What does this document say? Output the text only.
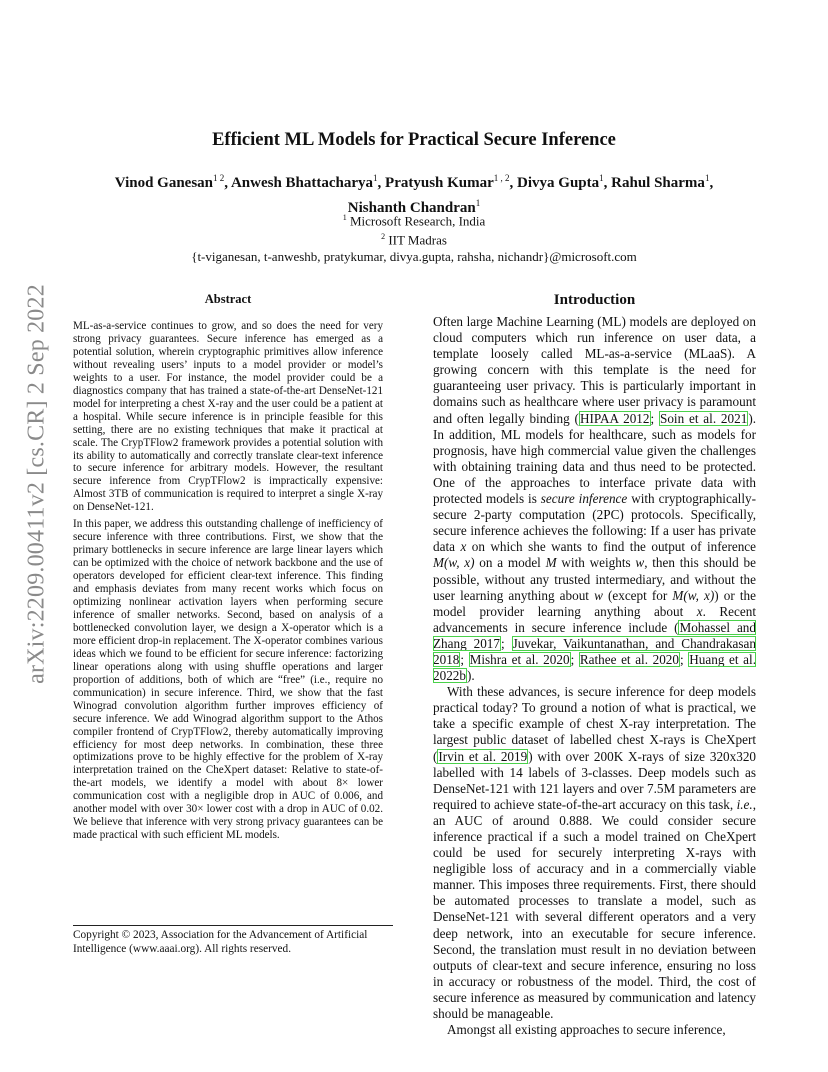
arXiv:2209.00411v2 [cs.CR] 2 Sep 2022
Efficient ML Models for Practical Secure Inference
Vinod Ganesan$^{1 2}$, Anwesh Bhattacharya$^1$, Pratyush Kumar$^{1 , 2}$, Divya Gupta$^1$, Rahul Sharma$^1$,
Nishanth Chandran$^1$
$^1$ Microsoft Research, India
$^2$ IIT Madras
{t-viganesan, t-anweshb, pratykumar, divya.gupta, rahsha, nichandr}@microsoft.com
Abstract

ML-as-a-service continues to grow, and so does the need for very strong privacy guarantees. Secure inference has emerged as a potential solution, wherein cryptographic primitives allow inference without revealing users’ inputs to a model provider or model’s weights to a user. For instance, the model provider could be a diagnostics company that has trained a state-of-the-art DenseNet-121 model for interpreting a chest X-ray and the user could be a patient at a hospital. While secure inference is in principle feasible for this setting, there are no existing techniques that make it practical at scale. The CrypTFlow2 framework provides a potential solution with its ability to automatically and correctly translate clear-text inference to secure inference for arbitrary models. However, the resultant secure inference from CrypTFlow2 is impractically expensive: Almost 3TB of communication is required to interpret a single X-ray on DenseNet-121.

In this paper, we address this outstanding challenge of inefficiency of secure inference with three contributions. First, we show that the primary bottlenecks in secure inference are large linear layers which can be optimized with the choice of network backbone and the use of operators developed for efficient clear-text inference. This finding and emphasis deviates from many recent works which focus on optimizing nonlinear activation layers when performing secure inference of smaller networks. Second, based on analysis of a bottlenecked convolution layer, we design a X-operator which is a more efficient drop-in replacement. The X-operator combines various ideas which we found to be efficient for secure inference: factorizing linear operations along with using shuffle operations and larger proportion of additions, both of which are “free” (i.e., require no communication) in secure inference. Third, we show that the fast Winograd convolution algorithm further improves efficiency of secure inference. We add Winograd algorithm support to the Athos compiler frontend of CrypTFlow2, thereby automatically improving efficiency for most deep networks. In combination, these three optimizations prove to be highly effective for the problem of X-ray interpretation trained on the CheXpert dataset: Relative to state-of-the-art models, we identify a model with about 8× lower communication cost with a negligible drop in AUC of 0.006, and another model with over 30× lower cost with a drop in AUC of 0.02. We believe that inference with very strong privacy guarantees can be made practical with such efficient ML models.

Copyright © 2023, Association for the Advancement of Artificial Intelligence (www.aaai.org). All rights reserved.
Introduction

Often large Machine Learning (ML) models are deployed on cloud computers which run inference on user data, a template loosely called ML-as-a-service (MLaaS). A growing concern with this template is the need for guaranteeing user privacy. This is particularly important in domains such as healthcare where user privacy is paramount and often legally binding (HIPAA 2012; Soin et al. 2021). In addition, ML models for healthcare, such as models for prognosis, have high commercial value given the challenges with obtaining training data and thus need to be protected. One of the approaches to interface private data with protected models is secure inference with cryptographically-secure 2-party computation (2PC) protocols. Specifically, secure inference achieves the following: If a user has private data x on which she wants to find the output of inference M(w, x) on a model M with weights w, then this should be possible, without any trusted intermediary, and without the user learning anything about w (except for M(w, x)) or the model provider learning anything about x. Recent advancements in secure inference include (Mohassel and Zhang 2017; Juvekar, Vaikuntanathan, and Chandrakasan 2018; Mishra et al. 2020; Rathee et al. 2020; Huang et al. 2022b).

With these advances, is secure inference for deep models practical today? To ground a notion of what is practical, we take a specific example of chest X-ray interpretation. The largest public dataset of labelled chest X-rays is CheXpert (Irvin et al. 2019) with over 200K X-rays of size 320x320 labelled with 14 labels of 3-classes. Deep models such as DenseNet-121 with 121 layers and over 7.5M parameters are required to achieve state-of-the-art accuracy on this task, i.e., an AUC of around 0.888. We could consider secure inference practical if a such a model trained on CheXpert could be used for securely interpreting X-rays with negligible loss of accuracy and in a commercially viable manner. This imposes three requirements. First, there should be automated processes to translate a model, such as DenseNet-121 with several different operators and a very deep network, into an executable for secure inference. Second, the translation must result in no deviation between outputs of clear-text and secure inference, ensuring no loss in accuracy or robustness of the model. Third, the cost of secure inference as measured by communication and latency should be manageable.

Amongst all existing approaches to secure inference,
